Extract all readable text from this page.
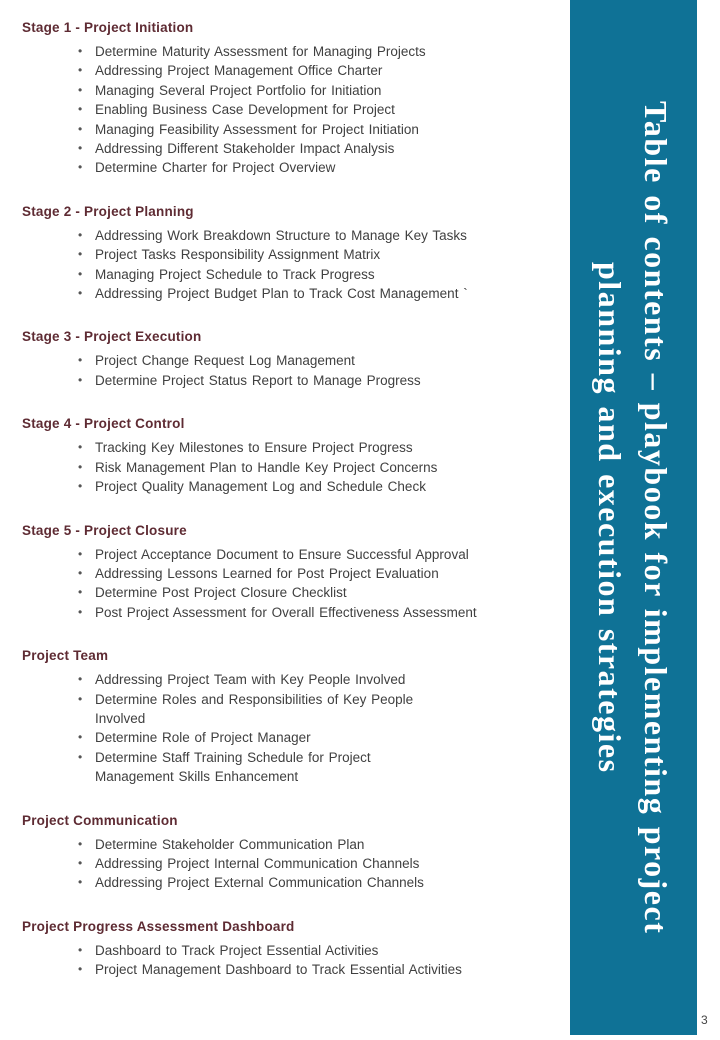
Stage 1 - Project Initiation
• Determine Maturity Assessment for Managing Projects
• Addressing Project Management Office Charter
• Managing Several Project Portfolio for Initiation
• Enabling Business Case Development for Project
• Managing Feasibility Assessment for Project Initiation
• Addressing Different Stakeholder Impact Analysis
• Determine Charter for Project Overview
Stage 2 - Project Planning
• Addressing Work Breakdown Structure to Manage Key Tasks
• Project Tasks Responsibility Assignment Matrix
• Managing Project Schedule to Track Progress
• Addressing Project Budget Plan to Track Cost Management `
Stage 3 - Project Execution
• Project Change Request Log Management
• Determine Project Status Report to Manage Progress
Stage 4 - Project Control
• Tracking Key Milestones to Ensure Project Progress
• Risk Management Plan to Handle Key Project Concerns
• Project Quality Management Log and Schedule Check
Stage 5 - Project Closure
• Project Acceptance Document to Ensure Successful Approval
• Addressing Lessons Learned for Post Project Evaluation
• Determine Post Project Closure Checklist
• Post Project Assessment for Overall Effectiveness Assessment
Project Team
• Addressing Project Team with Key People Involved
• Determine Roles and Responsibilities of Key People Involved
• Determine Role of Project Manager
• Determine Staff Training Schedule for Project Management Skills Enhancement
Project Communication
• Determine Stakeholder Communication Plan
• Addressing Project Internal Communication Channels
• Addressing Project External Communication Channels
Project Progress Assessment Dashboard
• Dashboard to Track Project Essential Activities
• Project Management Dashboard to Track Essential Activities
Table of contents – playbook for implementing project
planning and execution strategies
3
